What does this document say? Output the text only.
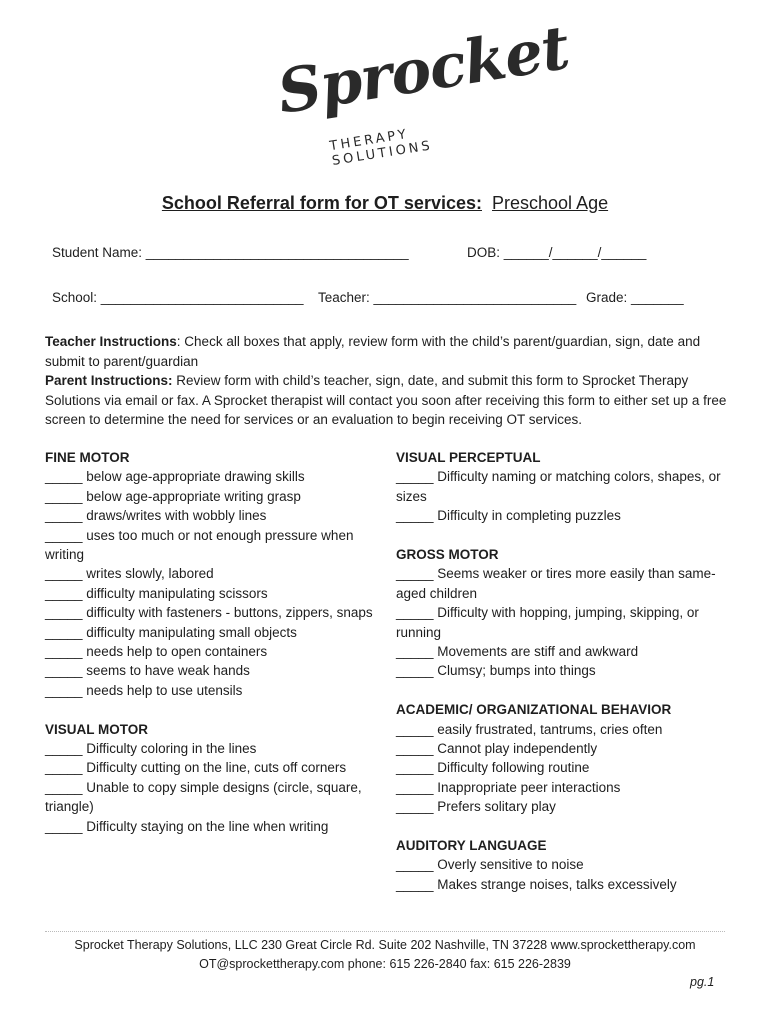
Sprocket
THERAPY SOLUTIONS
School Referral form for OT services: Preschool Age
Student Name: ___________________________________	DOB: ______/______/______
School: ___________________________ Teacher: ___________________________ Grade: _______
Teacher Instructions: Check all boxes that apply, review form with the child’s parent/guardian, sign, date and submit to parent/guardian
Parent Instructions: Review form with child’s teacher, sign, date, and submit this form to Sprocket Therapy Solutions via email or fax. A Sprocket therapist will contact you soon after receiving this form to either set up a free screen to determine the need for services or an evaluation to begin receiving OT services.
FINE MOTOR
_____ below age-appropriate drawing skills
_____ below age-appropriate writing grasp
_____ draws/writes with wobbly lines
_____ uses too much or not enough pressure when writing
_____ writes slowly, labored
_____ difficulty manipulating scissors
_____ difficulty with fasteners - buttons, zippers, snaps
_____ difficulty manipulating small objects
_____ needs help to open containers
_____ seems to have weak hands
_____ needs help to use utensils
VISUAL MOTOR
_____ Difficulty coloring in the lines
_____ Difficulty cutting on the line, cuts off corners
_____ Unable to copy simple designs (circle, square, triangle)
_____ Difficulty staying on the line when writing
VISUAL PERCEPTUAL
_____ Difficulty naming or matching colors, shapes, or sizes
_____ Difficulty in completing puzzles
GROSS MOTOR
_____ Seems weaker or tires more easily than same-aged children
_____ Difficulty with hopping, jumping, skipping, or running
_____ Movements are stiff and awkward
_____ Clumsy; bumps into things
ACADEMIC/ ORGANIZATIONAL BEHAVIOR
_____ easily frustrated, tantrums, cries often
_____ Cannot play independently
_____ Difficulty following routine
_____ Inappropriate peer interactions
_____ Prefers solitary play
AUDITORY LANGUAGE
_____ Overly sensitive to noise
_____ Makes strange noises, talks excessively
Sprocket Therapy Solutions, LLC 230 Great Circle Rd. Suite 202 Nashville, TN 37228 www.sprockettherapy.com
OT@sprockettherapy.com phone: 615 226-2840 fax: 615 226-2839
pg.1
